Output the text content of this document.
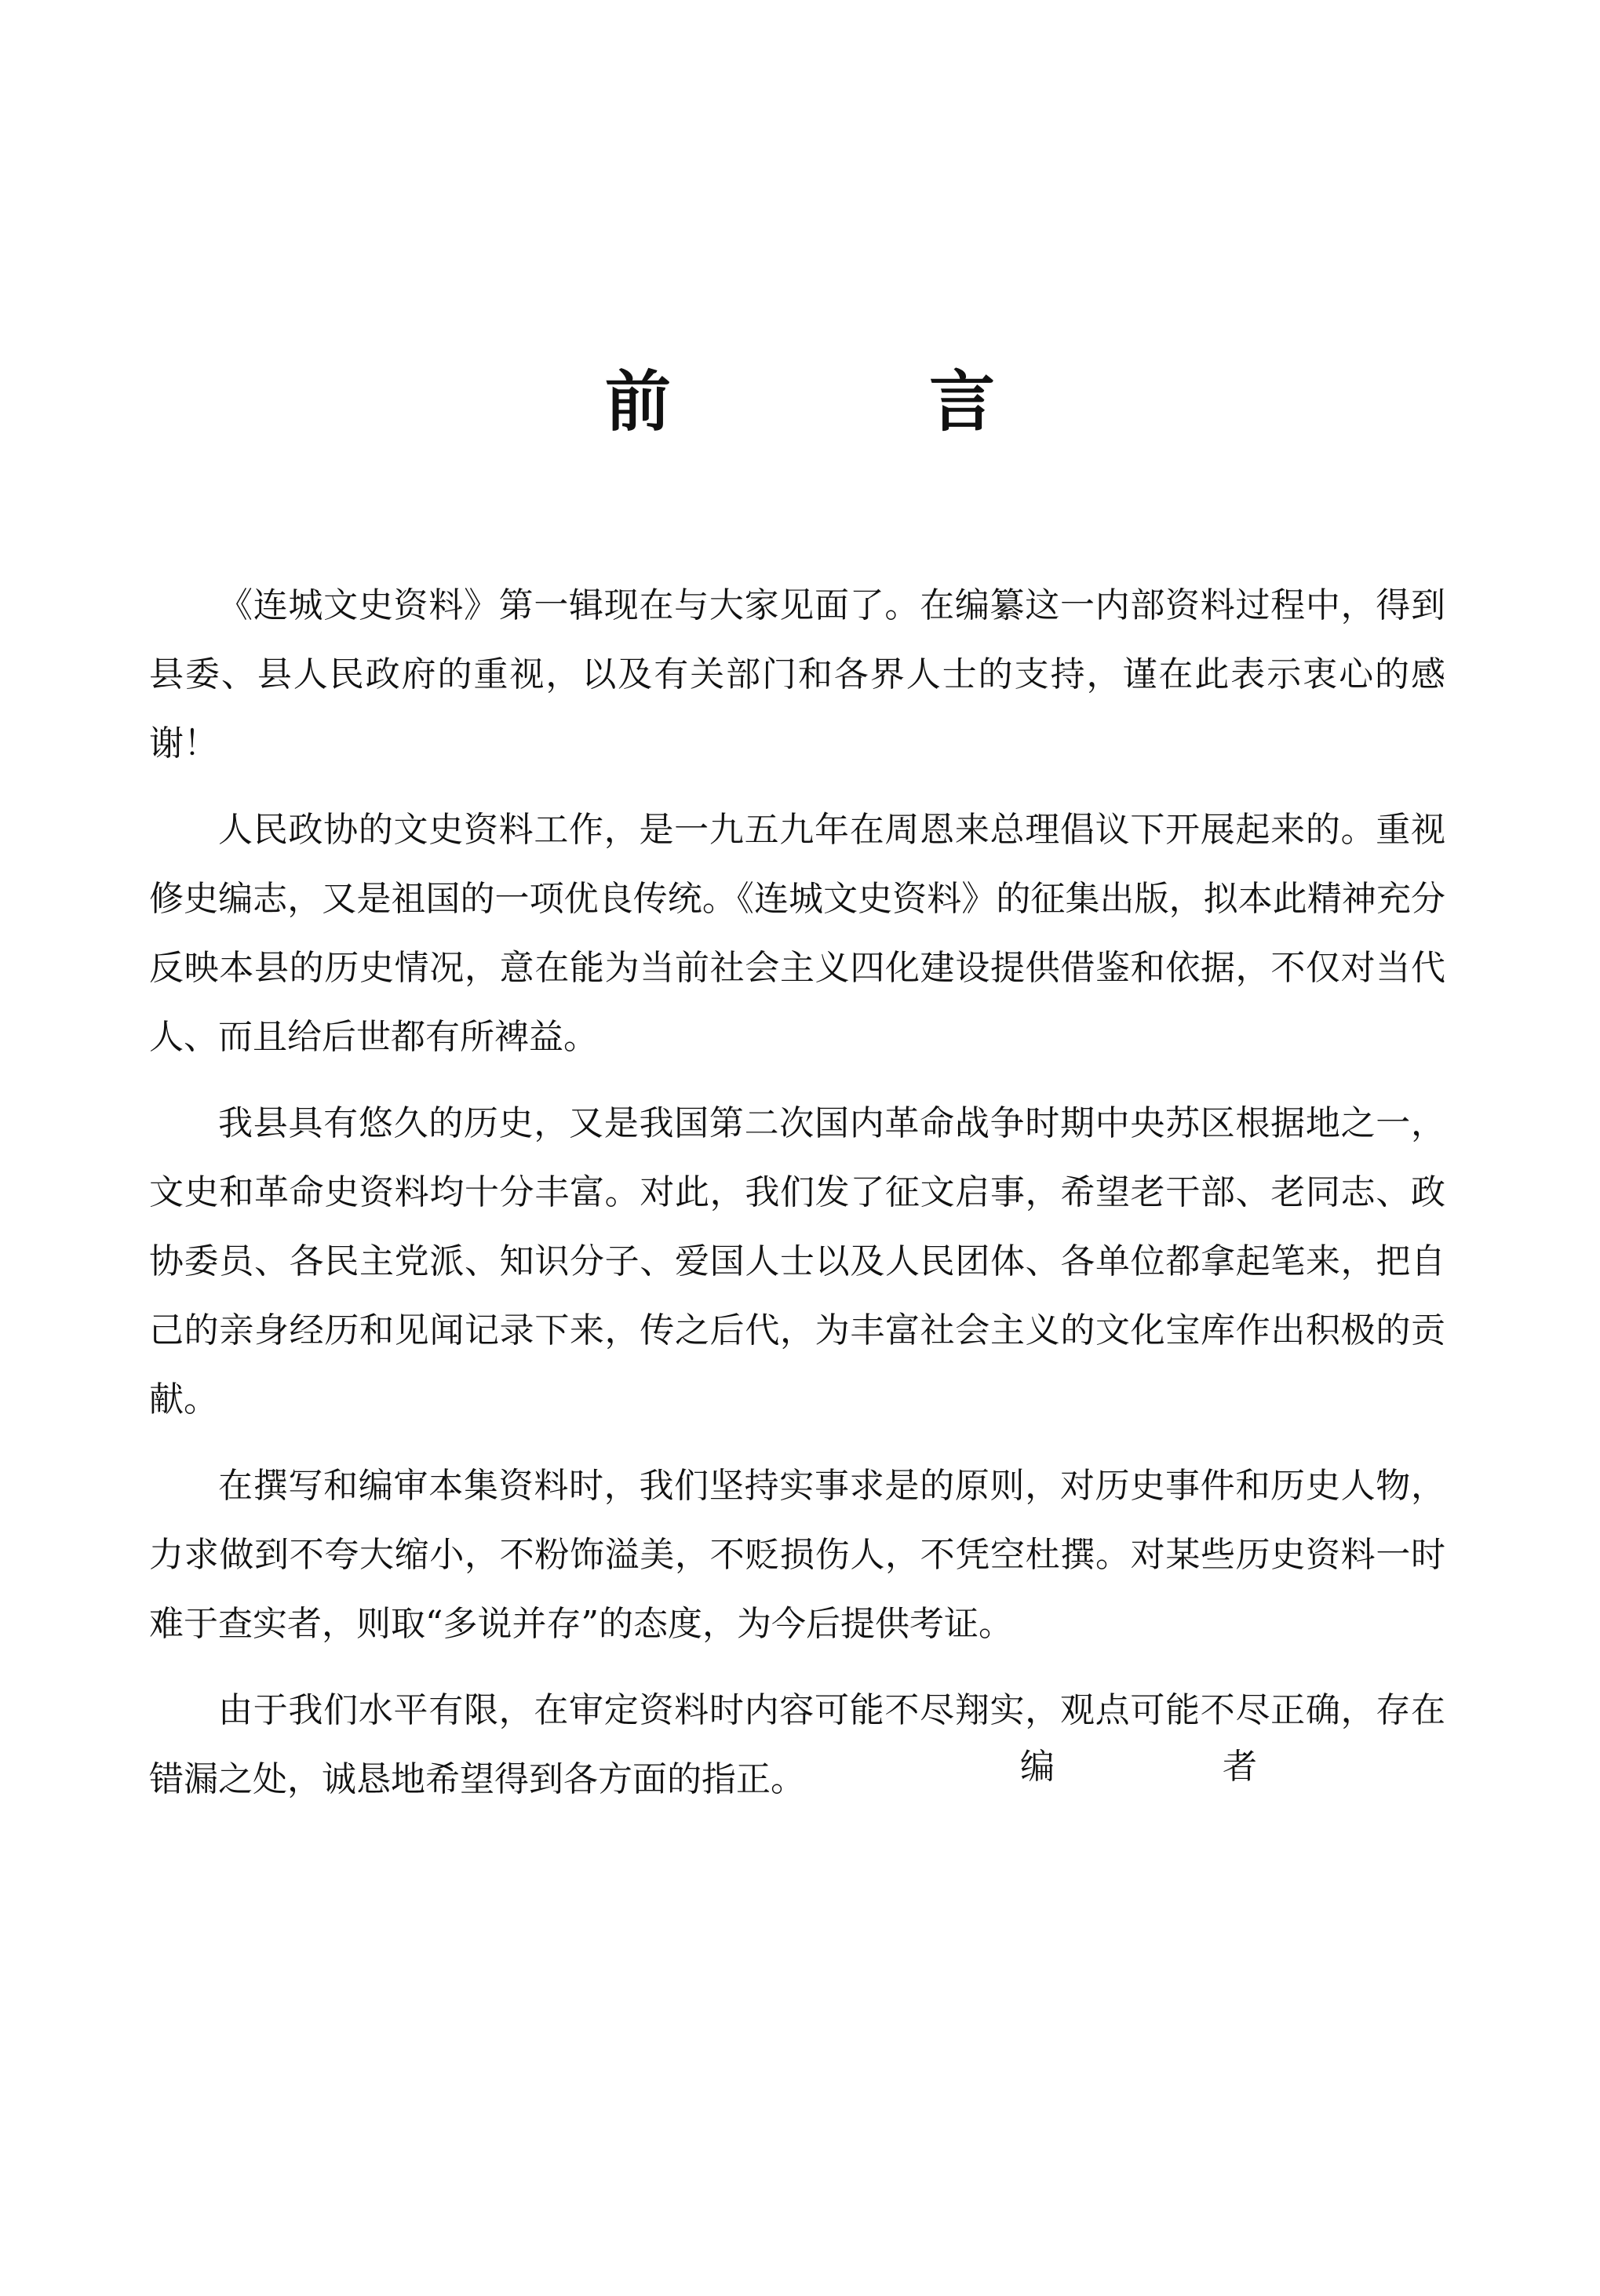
前 言

《连城文史资料》第一辑现在与大家见面了。在编纂这一内部资料过程中，得到县委、县人民政府的重视，以及有关部门和各界人士的支持，谨在此表示衷心的感谢！

人民政协的文史资料工作，是一九五九年在周恩来总理倡议下开展起来的。重视修史编志，又是祖国的一项优良传统。《连城文史资料》的征集出版，拟本此精神充分反映本县的历史情况，意在能为当前社会主义四化建设提供借鉴和依据，不仅对当代人、而且给后世都有所裨益。

我县具有悠久的历史，又是我国第二次国内革命战争时期中央苏区根据地之一，文史和革命史资料均十分丰富。对此，我们发了征文启事，希望老干部、老同志、政协委员、各民主党派、知识分子、爱国人士以及人民团体、各单位都拿起笔来，把自己的亲身经历和见闻记录下来，传之后代，为丰富社会主义的文化宝库作出积极的贡献。

在撰写和编审本集资料时，我们坚持实事求是的原则，对历史事件和历史人物，力求做到不夸大缩小，不粉饰溢美，不贬损伤人，不凭空杜撰。对某些历史资料一时难于查实者，则取“多说并存”的态度，为今后提供考证。

由于我们水平有限，在审定资料时内容可能不尽翔实，观点可能不尽正确，存在错漏之处，诚恳地希望得到各方面的指正。	编 者
